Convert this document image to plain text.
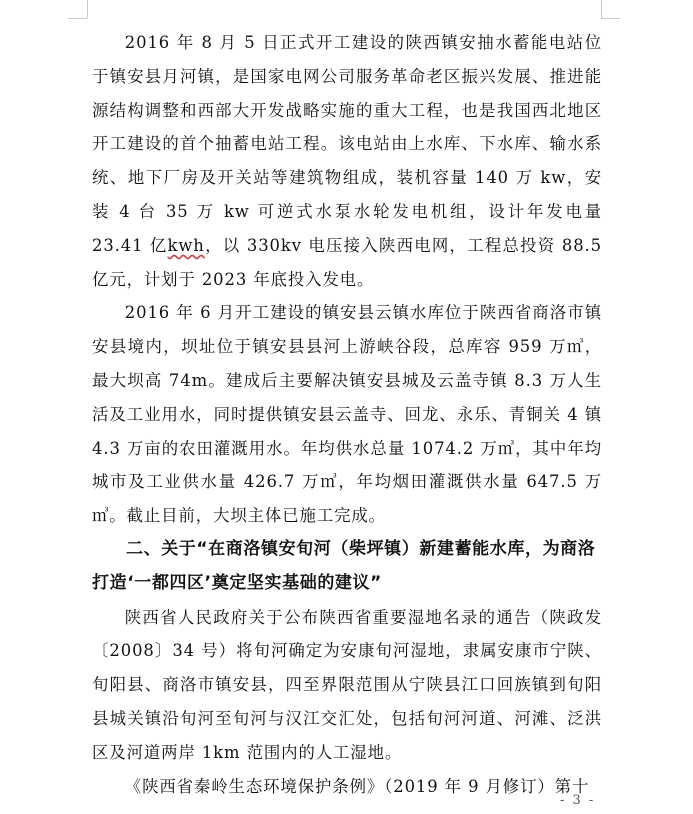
2016 年 8 月 5 日正式开工建设的陕西镇安抽水蓄能电站位于镇安县月河镇，是国家电网公司服务革命老区振兴发展、推进能源结构调整和西部大开发战略实施的重大工程，也是我国西北地区开工建设的首个抽蓄电站工程。该电站由上水库、下水库、输水系统、地下厂房及开关站等建筑物组成，装机容量 140 万 kw，安装 4 台 35 万 kw 可逆式水泵水轮发电机组，设计年发电量 23.41 亿kwh，以 330kv 电压接入陕西电网，工程总投资 88.5 亿元，计划于 2023 年底投入发电。

2016 年 6 月开工建设的镇安县云镇水库位于陕西省商洛市镇安县境内，坝址位于镇安县县河上游峡谷段，总库容 959 万㎥，最大坝高 74m。建成后主要解决镇安县城及云盖寺镇 8.3 万人生活及工业用水，同时提供镇安县云盖寺、回龙、永乐、青铜关 4 镇 4.3 万亩的农田灌溉用水。年均供水总量 1074.2 万㎥，其中年均城市及工业供水量 426.7 万㎥，年均烟田灌溉供水量 647.5 万㎥。截止目前，大坝主体已施工完成。

二、关于“在商洛镇安旬河（柴坪镇）新建蓄能水库，为商洛打造‘一都四区’奠定坚实基础的建议”

陕西省人民政府关于公布陕西省重要湿地名录的通告（陕政发 〔2008〕34 号）将旬河确定为安康旬河湿地，隶属安康市宁陕、旬阳县、商洛市镇安县，四至界限范围从宁陕县江口回族镇到旬阳县城关镇沿旬河至旬河与汉江交汇处，包括旬河河道、河滩、泛洪区及河道两岸 1km 范围内的人工湿地。

《陕西省秦岭生态环境保护条例》（2019 年 9 月修订）第十

- 3 -
